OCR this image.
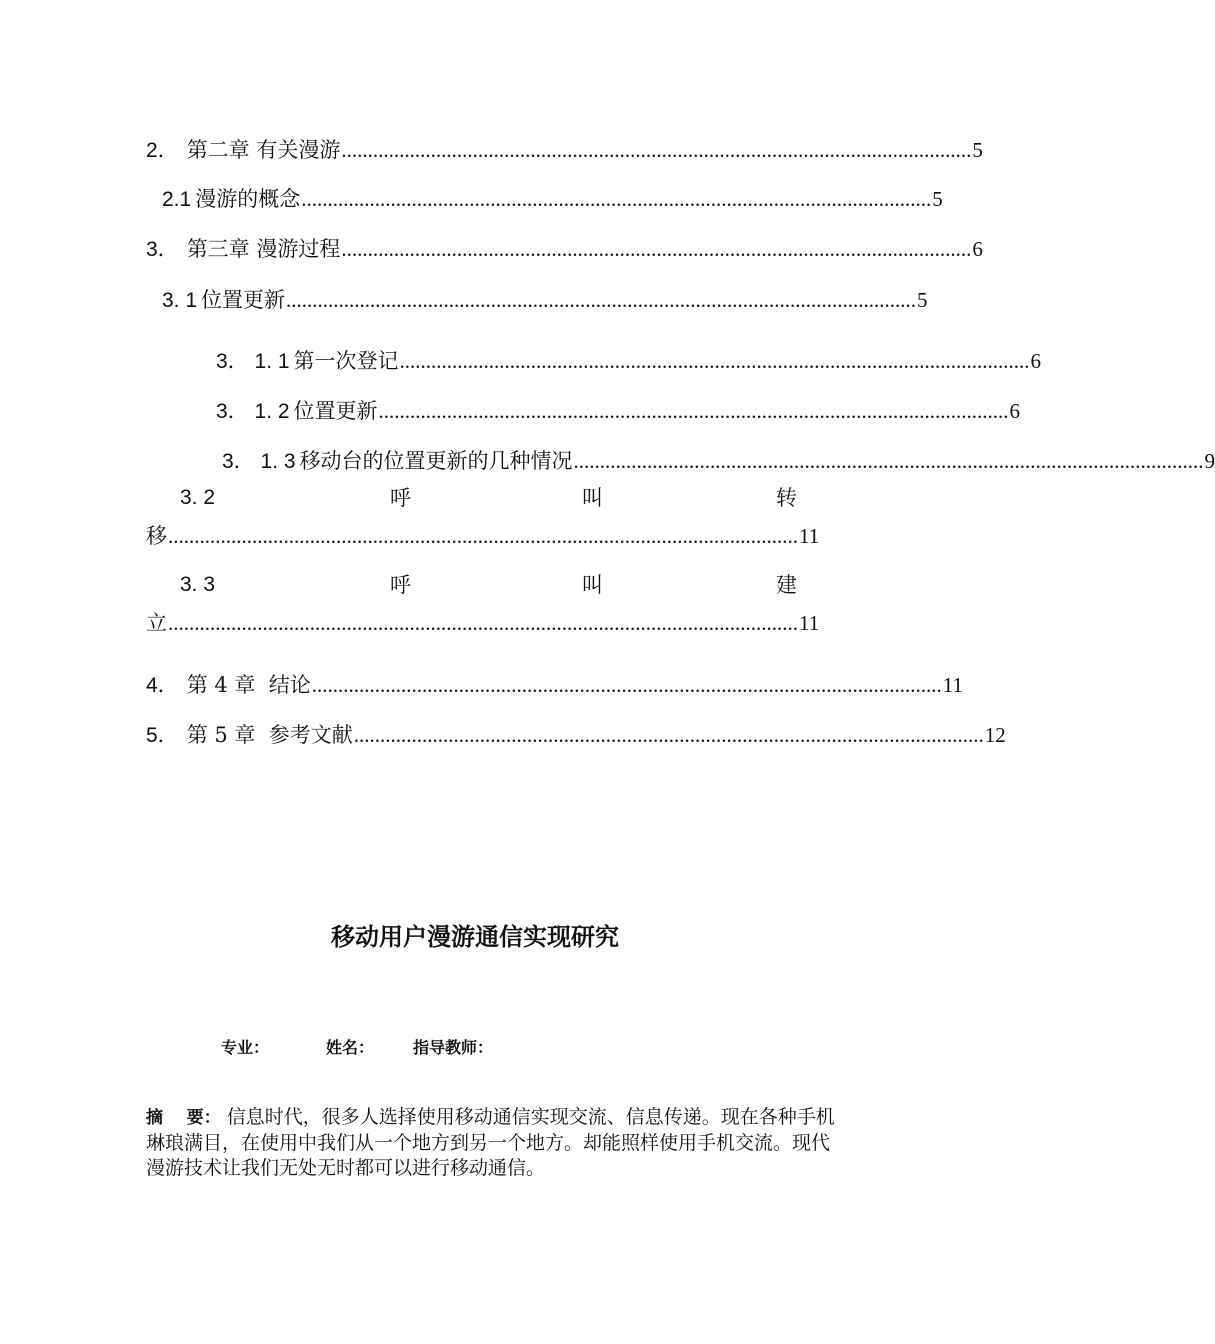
2． 第二章 有关漫游 ........................................................................................................................ 5
2.1 漫游的概念 ........................................................................................................................ 5
3． 第三章 漫游过程 ........................................................................................................................ 6
3. 1 位置更新 ........................................................................................................................ 5
3． 1. 1 第一次登记 ........................................................................................................................ 6
3． 1. 2 位置更新 ........................................................................................................................ 6
3． 1. 3 移动台的位置更新的几种情况 ........................................................................................................................ 9
3. 2	呼	叫	转
移 ........................................................................................................................ 11
3. 3	呼	叫	建
立 ........................................................................................................................ 11
4． 第 4 章  结论 ........................................................................................................................ 11
5． 第 5 章  参考文献 ........................................................................................................................ 12
移动用户漫游通信实现研究
专业：	姓名： 指导教师：
摘    要： 信息时代，很多人选择使用移动通信实现交流、信息传递。现在各种手机琳琅满目，在使用中我们从一个地方到另一个地方。却能照样使用手机交流。现代漫游技术让我们无处无时都可以进行移动通信。
